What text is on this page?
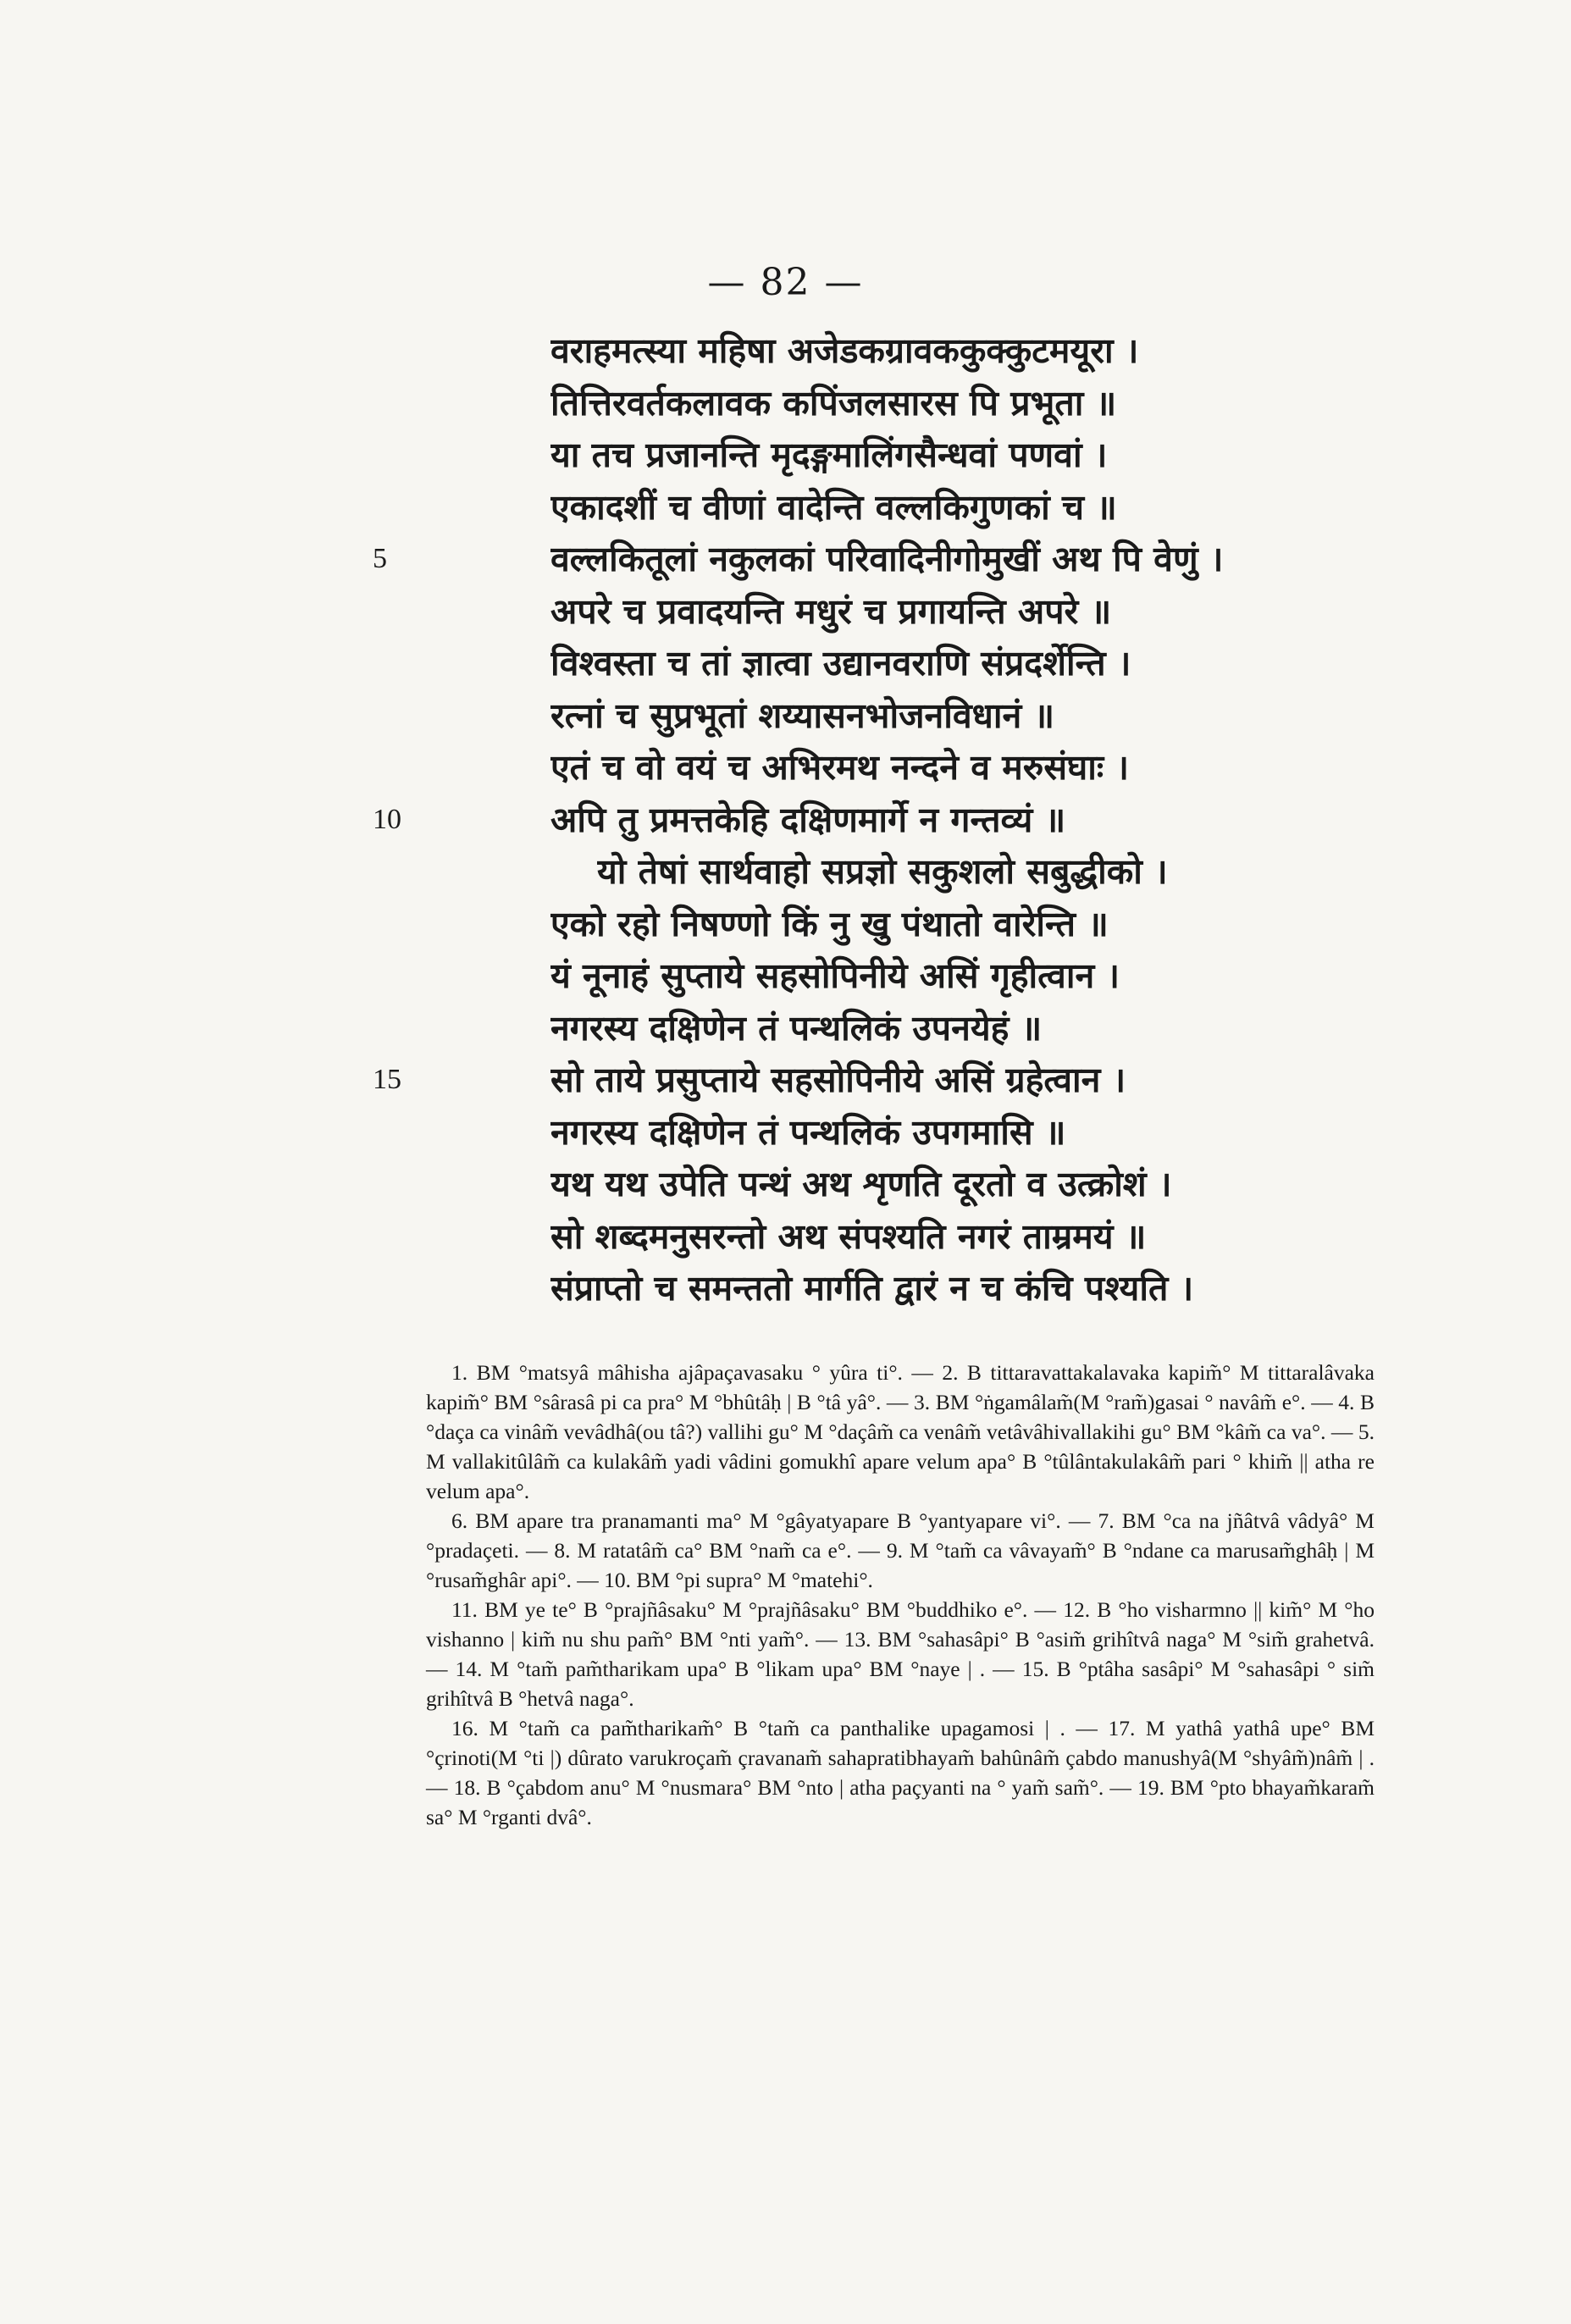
— 82 —
वराहमत्स्या महिषा अजेडकग्रावककुक्कुटमयूरा ।
तित्तिरवर्तकलावक कपिंजलसारस पि प्रभूता ॥
या तच प्रजानन्ति मृदङ्गमालिंगसैन्धवां पणवां ।
एकादशीं च वीणां वादेन्ति वल्लकिगुणकां च ॥
वल्लकितूलां नकुलकां परिवादिनीगोमुखीं अथ पि वेणुं ।
5
अपरे च प्रवादयन्ति मधुरं च प्रगायन्ति अपरे ॥
विश्वस्ता च तां ज्ञात्वा उद्यानवराणि संप्रदर्शेन्ति ।
रत्नां च सुप्रभूतां शय्यासनभोजनविधानं ॥
एतं च वो वयं च अभिरमथ नन्दने व मरुसंघाः ।
अपि तु प्रमत्तकेहि दक्षिणमार्गे न गन्तव्यं ॥
10
यो तेषां सार्थवाहो सप्रज्ञो सकुशलो सबुद्धीको ।
एको रहो निषण्णो किं नु खु पंथातो वारेन्ति ॥
यं नूनाहं सुप्ताये सहसोपिनीये असिं गृहीत्वान ।
नगरस्य दक्षिणेन तं पन्थलिकं उपनयेहं ॥
सो ताये प्रसुप्ताये सहसोपिनीये असिं ग्रहेत्वान ।
15
नगरस्य दक्षिणेन तं पन्थलिकं उपगमासि ॥
यथ यथ उपेति पन्थं अथ शृणति दूरतो व उत्क्रोशं ।
सो शब्दमनुसरन्तो अथ संपश्यति नगरं ताम्रमयं ॥
संप्राप्तो च समन्ततो मार्गति द्वारं न च कंचि पश्यति ।

1. BM °matsyâ mâhisha ajâpaçavasaku ° yûra ti°. — 2. B tittaravattakalavaka kapim̃° M tittaralâvaka kapim̃° BM °sârasâ pi ca pra° M °bhûtâḥ | B °tâ yâ°. — 3. BM °ṅgamâlam̃(M °ram̃)gasai ° navâm̃ e°. — 4. B °daça ca vinâm̃ vevâdhâ(ou tâ?) vallihi gu° M °daçâm̃ ca venâm̃ vetâvâhivallakihi gu° BM °kâm̃ ca va°. — 5. M vallakitûlâm̃ ca kulakâm̃ yadi vâdini gomukhî apare velum apa° B °tûlântakulakâm̃ pari ° khim̃ || atha re velum apa°.

6. BM apare tra pranamanti ma° M °gâyatyapare B °yantyapare vi°. — 7. BM °ca na jñâtvâ vâdyâ° M °pradaçeti. — 8. M ratatâm̃ ca° BM °nam̃ ca e°. — 9. M °tam̃ ca vâvayam̃° B °ndane ca marusam̃ghâḥ | M °rusam̃ghâr api°. — 10. BM °pi supra° M °matehi°.

11. BM ye te° B °prajñâsaku° M °prajñâsaku° BM °buddhiko e°. — 12. B °ho visharmno || kim̃° M °ho vishanno | kim̃ nu shu pam̃° BM °nti yam̃°. — 13. BM °sahasâpi° B °asim̃ grihîtvâ naga° M °sim̃ grahetvâ. — 14. M °tam̃ pam̃tharikam upa° B °likam upa° BM °naye | . — 15. B °ptâha sasâpi° M °sahasâpi ° sim̃ grihîtvâ B °hetvâ naga°.

16. M °tam̃ ca pam̃tharikam̃° B °tam̃ ca panthalike upagamosi | . — 17. M yathâ yathâ upe° BM °çrinoti(M °ti |) dûrato varukroçam̃ çravanam̃ sahapratibhayam̃ bahûnâm̃ çabdo manushyâ(M °shyâm̃)nâm̃ | . — 18. B °çabdom anu° M °nusmara° BM °nto | atha paçyanti na ° yam̃ sam̃°. — 19. BM °pto bhayam̃karam̃ sa° M °rganti dvâ°.
